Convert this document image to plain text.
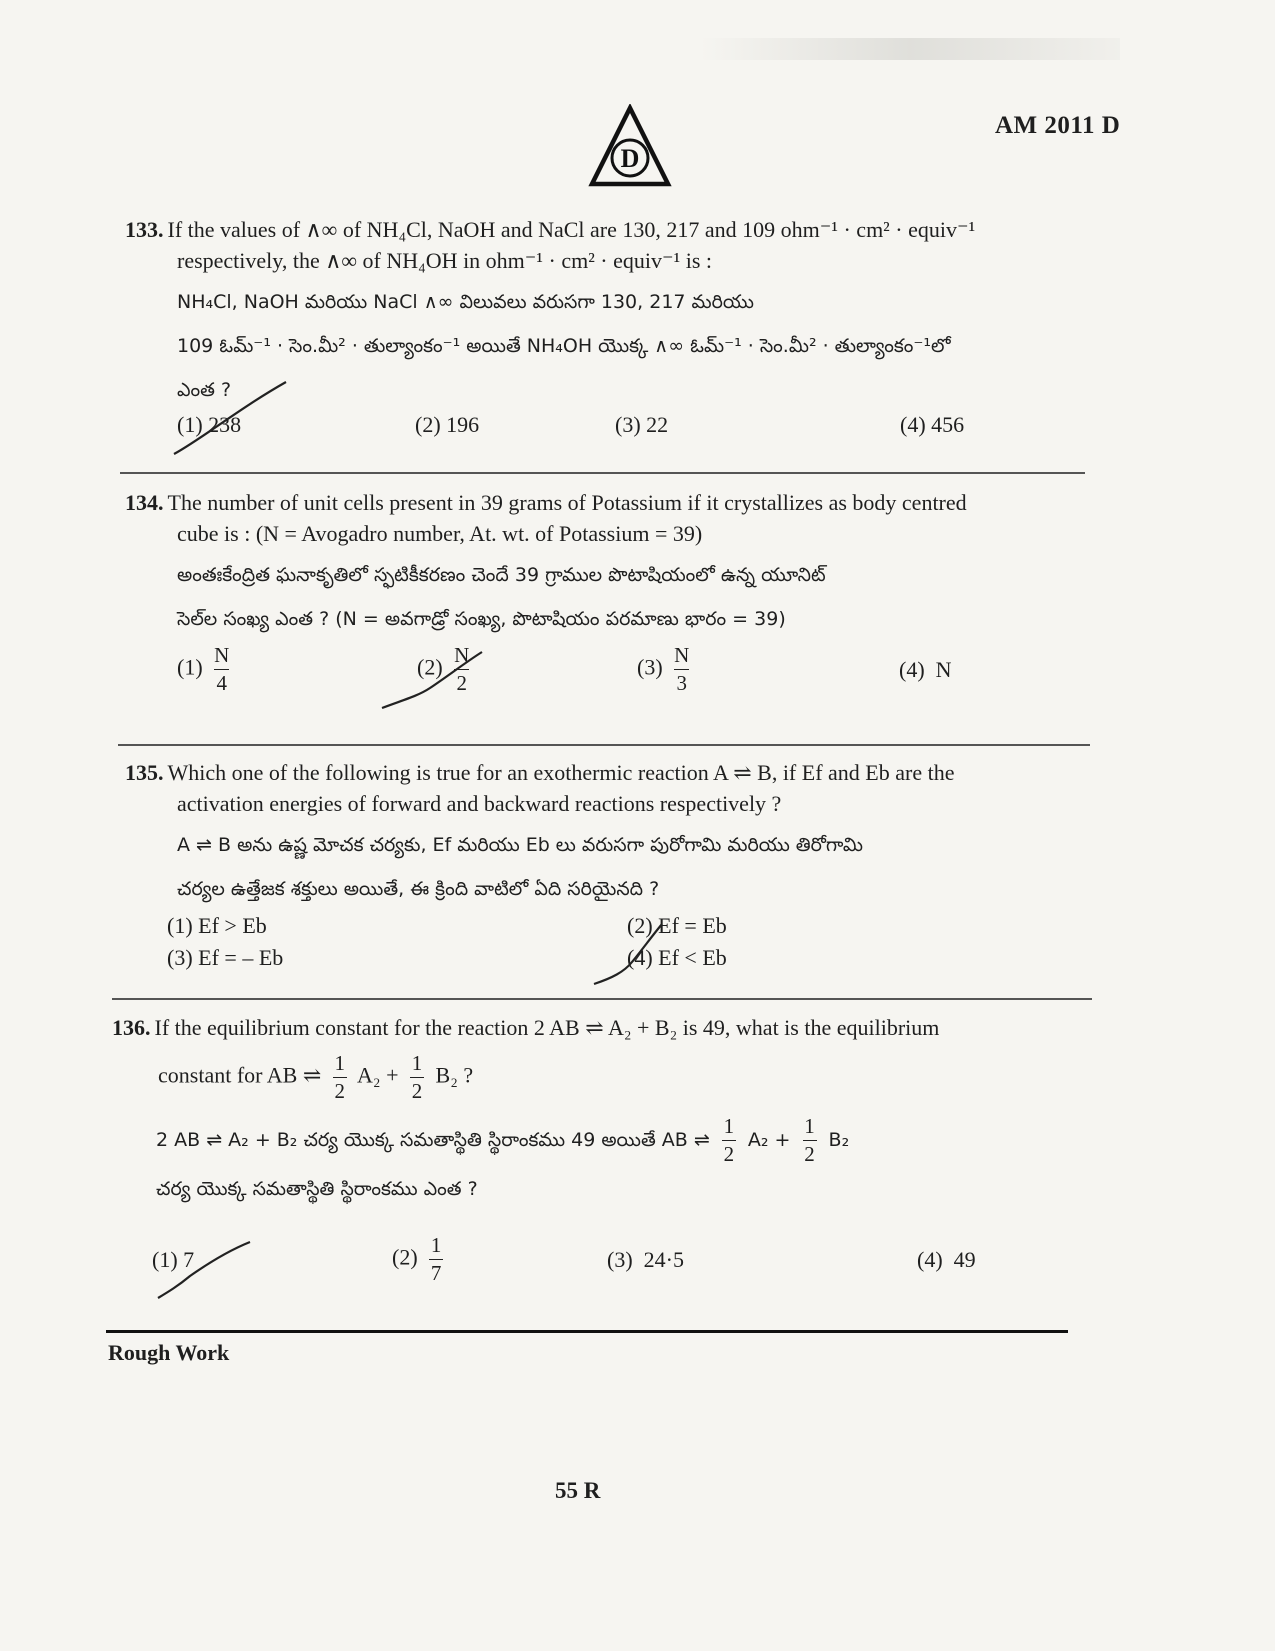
D
AM 2011 D
133. If the values of ∧∞ of NH₄Cl, NaOH and NaCl are 130, 217 and 109 ohm⁻¹ · cm² · equiv⁻¹
respectively, the ∧∞ of NH₄OH in ohm⁻¹ · cm² · equiv⁻¹ is :
NH₄Cl, NaOH మరియు NaCl ∧∞ విలువలు వరుసగా 130, 217 మరియు
109 ఓమ్⁻¹ · సెం.మీ² · తుల్యాంకం⁻¹ అయితే NH₄OH యొక్క ∧∞ ఓమ్⁻¹ · సెం.మీ² · తుల్యాంకం⁻¹లో
ఎంత ?
(1) 238	(2) 196	(3) 22	(4) 456
134. The number of unit cells present in 39 grams of Potassium if it crystallizes as body centred
cube is : (N = Avogadro number, At. wt. of Potassium = 39)
అంతఃకేంద్రిత ఘనాకృతిలో స్ఫటికీకరణం చెందే 39 గ్రాముల పొటాషియంలో ఉన్న యూనిట్
సెల్‌ల సంఖ్య ఎంత ? (N = అవగాడ్రో సంఖ్య, పొటాషియం పరమాణు భారం = 39)
$(1) \frac{N}{4}$	$(2) \frac{N}{2}$	$(3) \frac{N}{3}$	(4) N
135. Which one of the following is true for an exothermic reaction A ⇌ B, if Ef and Eb are the
activation energies of forward and backward reactions respectively ?
A ⇌ B అను ఉష్ణ మోచక చర్యకు, Ef మరియు Eb లు వరుసగా పురోగామి మరియు తిరోగామి
చర్యల ఉత్తేజక శక్తులు అయితే, ఈ క్రింది వాటిలో ఏది సరియైనది ?
(1) Ef > Eb	(2) Ef = Eb
(3) Ef = – Eb	(4) Ef < Eb
136. If the equilibrium constant for the reaction 2 AB ⇌ A₂ + B₂ is 49, what is the equilibrium
constant for AB ⇌ $\frac{1}{2} A_2 + \frac{1}{2} B_2$ ?
2 AB ⇌ A₂ + B₂ చర్య యొక్క సమతాస్థితి స్థిరాంకము 49 అయితే AB ⇌ $\frac{1}{2} A_2 + \frac{1}{2} B_2$
చర్య యొక్క సమతాస్థితి స్థిరాంకము ఎంత ?
(1) 7	$(2) \frac{1}{7}$	(3) 24·5	(4) 49
Rough Work
55 R
